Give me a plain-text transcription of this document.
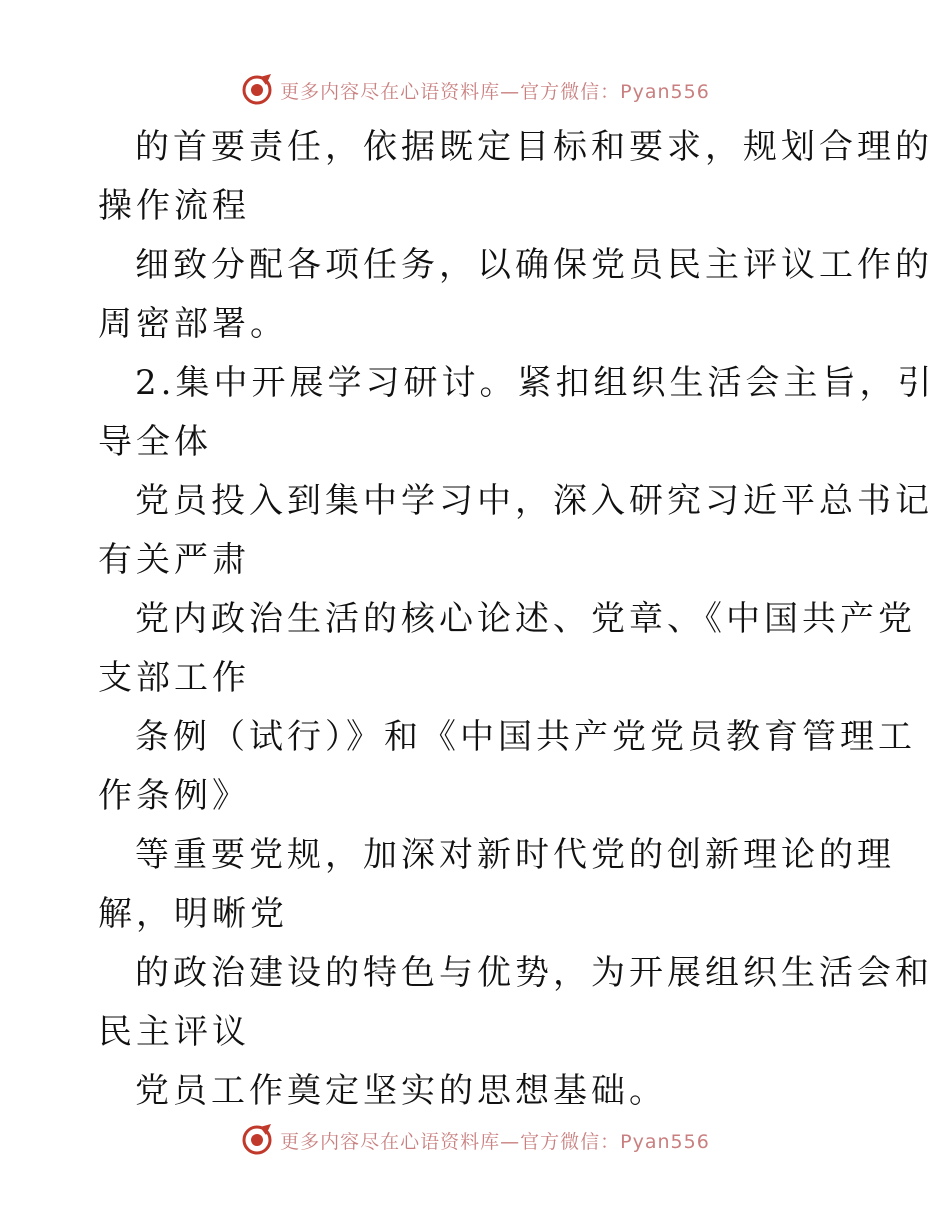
更多内容尽在心语资料库—官方微信：Pyan556
的首要责任，依据既定目标和要求，规划合理的
操作流程
细致分配各项任务，以确保党员民主评议工作的
周密部署。
2.集中开展学习研讨。紧扣组织生活会主旨，引
导全体
党员投入到集中学习中，深入研究习近平总书记
有关严肃
党内政治生活的核心论述、党章、《中国共产党
支部工作
条例（试行）》和《中国共产党党员教育管理工
作条例》
等重要党规，加深对新时代党的创新理论的理
解，明晰党
的政治建设的特色与优势，为开展组织生活会和
民主评议
党员工作奠定坚实的思想基础。
更多内容尽在心语资料库—官方微信：Pyan556
